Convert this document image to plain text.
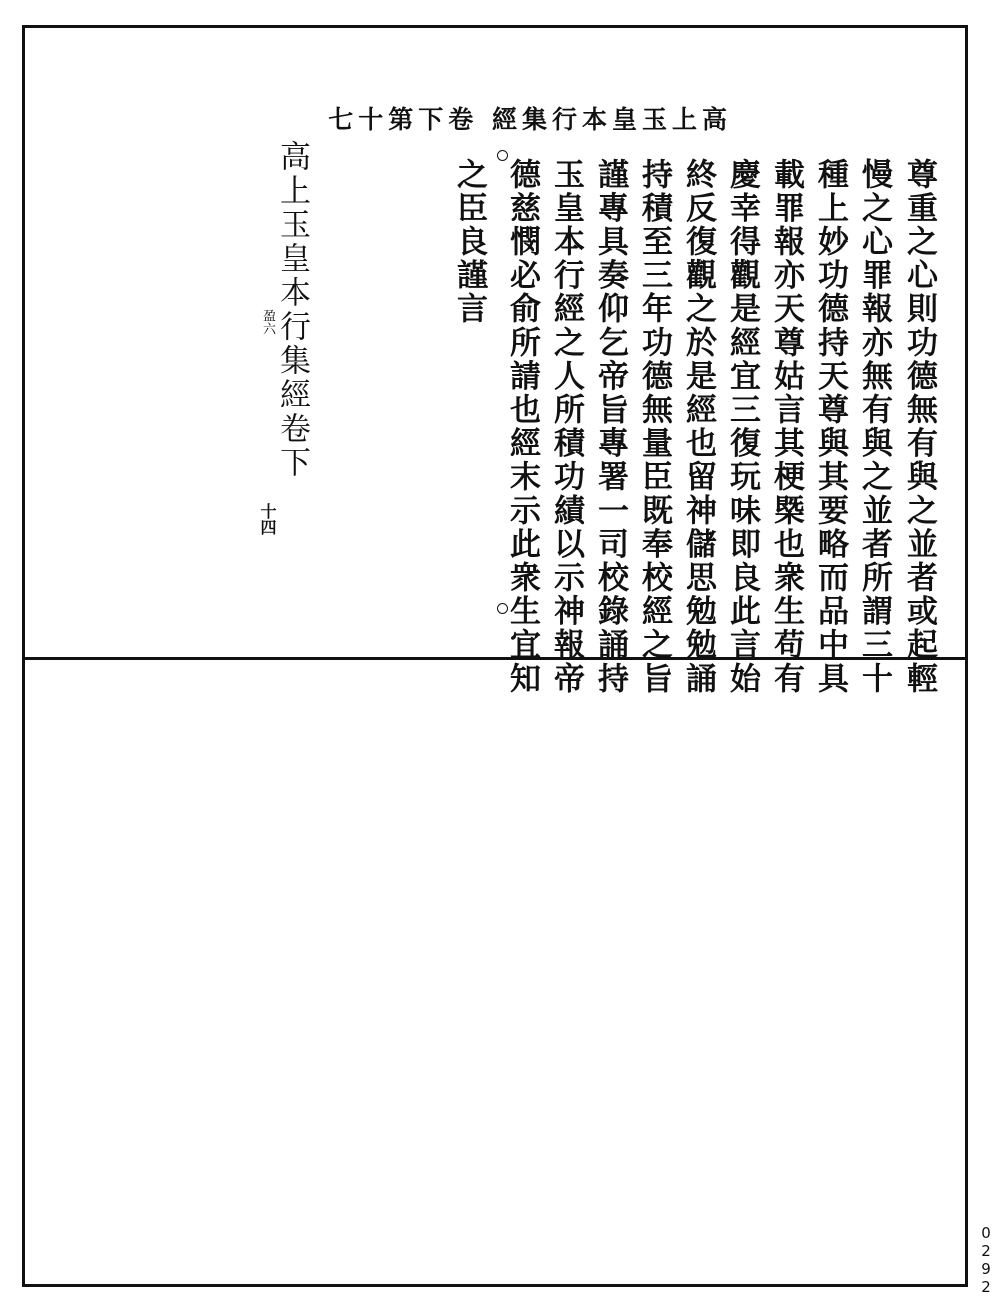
高上玉皇本行集經 卷下第十七
尊重之心則功德無有與之並者或起輕
慢之心罪報亦無有與之並者所謂三十
種上妙功德持天尊與其要略而品中具
載罪報亦天尊姑言其梗槩也衆生苟有
慶幸得觀是經宜三復玩味即良此言始
終反復觀之於是經也留神儲思勉勉誦
持積至三年功德無量臣既奉校經之旨
謹專具奏仰乞帝旨專署一司校錄誦持
玉皇本行經之人所積功績以示神報帝
德慈憫必俞所請也經末示此衆生宜知
之臣良謹言
高上玉皇本行集經卷下
盈六
十四
0292
